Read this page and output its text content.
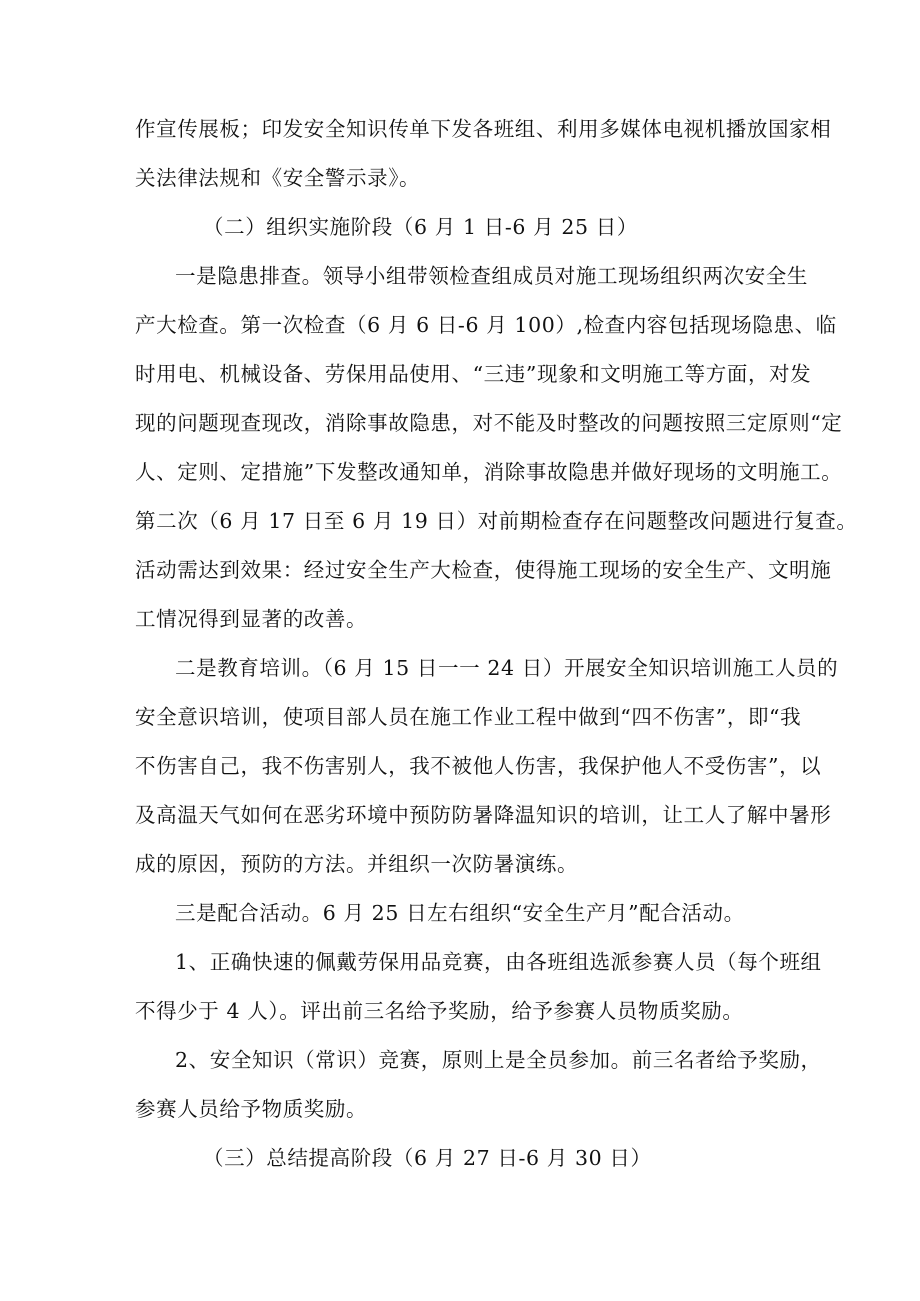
作宣传展板；印发安全知识传单下发各班组、利用多媒体电视机播放国家相
关法律法规和《安全警示录》。
（二）组织实施阶段（6 月 1 日-6 月 25 日）
一是隐患排查。领导小组带领检查组成员对施工现场组织两次安全生
产大检查。第一次检查（6 月 6 日-6 月 100）,检查内容包括现场隐患、临
时用电、机械设备、劳保用品使用、“三违”现象和文明施工等方面，对发
现的问题现查现改，消除事故隐患，对不能及时整改的问题按照三定原则“定
人、定则、定措施”下发整改通知单，消除事故隐患并做好现场的文明施工。
第二次（6 月 17 日至 6 月 19 日）对前期检查存在问题整改问题进行复查。
活动需达到效果：经过安全生产大检查，使得施工现场的安全生产、文明施
工情况得到显著的改善。
二是教育培训。（6 月 15 日一一 24 日）开展安全知识培训施工人员的
安全意识培训，使项目部人员在施工作业工程中做到“四不伤害”，即“我
不伤害自己，我不伤害别人，我不被他人伤害，我保护他人不受伤害”，以
及高温天气如何在恶劣环境中预防防暑降温知识的培训，让工人了解中暑形
成的原因，预防的方法。并组织一次防暑演练。
三是配合活动。6 月 25 日左右组织“安全生产月”配合活动。
1、正确快速的佩戴劳保用品竞赛，由各班组选派参赛人员（每个班组
不得少于 4 人）。评出前三名给予奖励，给予参赛人员物质奖励。
2、安全知识（常识）竞赛，原则上是全员参加。前三名者给予奖励，
参赛人员给予物质奖励。
（三）总结提高阶段（6 月 27 日-6 月 30 日）
